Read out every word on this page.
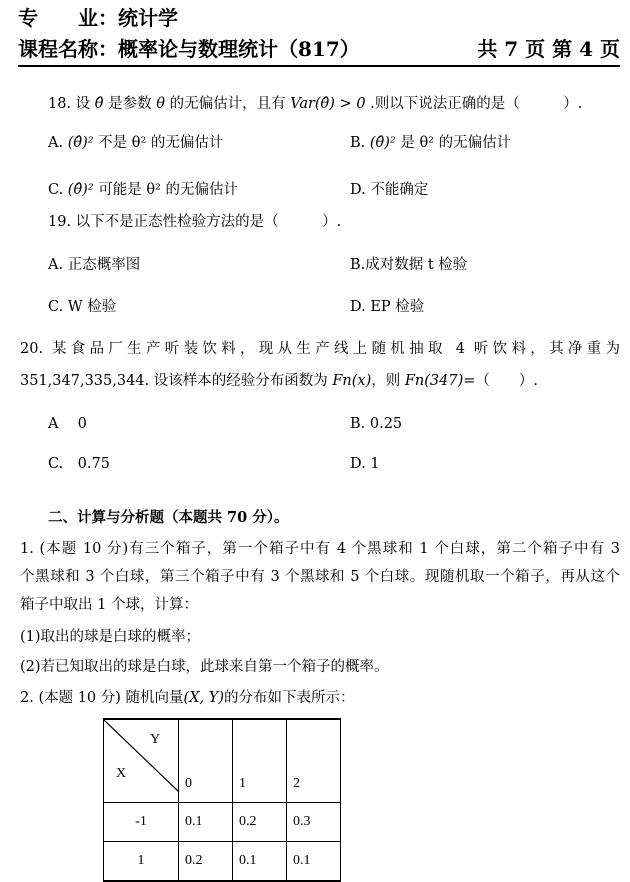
专　　业：统计学
课程名称：概率论与数理统计（817）	共 7 页 第 4 页
18. 设 θ̂ 是参数 θ 的无偏估计，且有 Var(θ̂) > 0 .则以下说法正确的是（　　　）.
A. (θ̂)² 不是 θ² 的无偏估计	B. (θ̂)² 是 θ² 的无偏估计
C. (θ̂)² 可能是 θ² 的无偏估计	D. 不能确定
19. 以下不是正态性检验方法的是（　　　）.
A. 正态概率图	B.成对数据 t 检验
C. W 检验	D. EP 检验
20. 某食品厂生产听装饮料，现从生产线上随机抽取 4 听饮料，其净重为
351,347,335,344. 设该样本的经验分布函数为 Fn(x)，则 Fn(347)=（　　）.
A　 0	B. 0.25
C.　0.75	D. 1
二、计算与分析题（本题共 70 分）。
1. (本题 10 分)有三个箱子，第一个箱子中有 4 个黑球和 1 个白球，第二个箱子中有 3
个黑球和 3 个白球，第三个箱子中有 3 个黑球和 5 个白球。现随机取一个箱子，再从这个
箱子中取出 1 个球，计算：
(1)取出的球是白球的概率；
(2)若已知取出的球是白球，此球来自第一个箱子的概率。
2. (本题 10 分) 随机向量(X, Y)的分布如下表所示：
Y
X	0	1	2
-1	0.1	0.2	0.3
1	0.2	0.1	0.1
